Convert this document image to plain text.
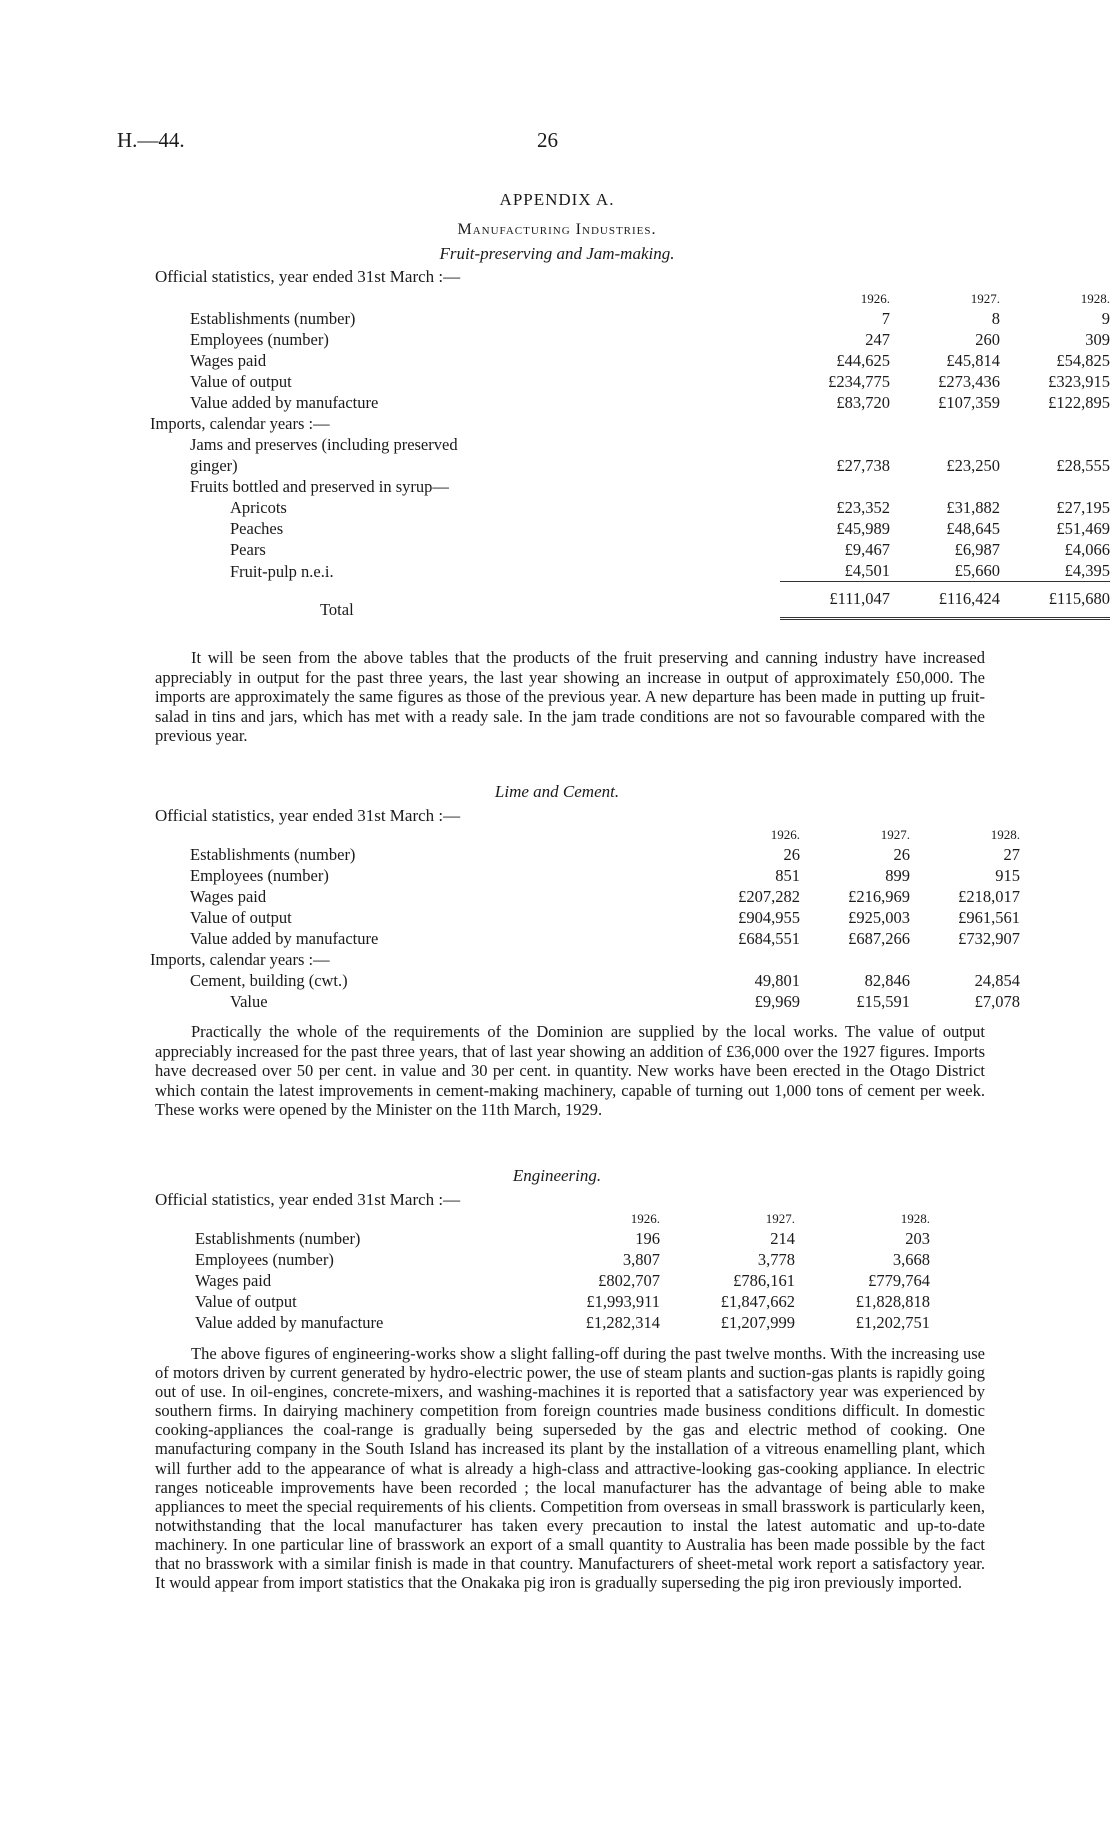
H.—44.	26
APPENDIX A.
Manufacturing Industries.
Fruit-preserving and Jam-making.
Official statistics, year ended 31st March :—
	1926.	1927.	1928.
Establishments (number)	7	8	9
Employees (number)	247	260	309
Wages paid	£44,625	£45,814	£54,825
Value of output	£234,775	£273,436	£323,915
Value added by manufacture	£83,720	£107,359	£122,895
Imports, calendar years :—			
Jams and preserves (including preserved			
ginger)	£27,738	£23,250	£28,555
Fruits bottled and preserved in syrup—			
Apricots	£23,352	£31,882	£27,195
Peaches	£45,989	£48,645	£51,469
Pears	£9,467	£6,987	£4,066
Fruit-pulp n.e.i.	£4,501	£5,660	£4,395
Total	£111,047	£116,424	£115,680
It will be seen from the above tables that the products of the fruit preserving and canning industry have increased appreciably in output for the past three years, the last year showing an increase in output of approximately £50,000. The imports are approximately the same figures as those of the previous year. A new departure has been made in putting up fruit-salad in tins and jars, which has met with a ready sale. In the jam trade conditions are not so favourable compared with the previous year.
Lime and Cement.
Official statistics, year ended 31st March :—
	1926.	1927.	1928.
Establishments (number)	26	26	27
Employees (number)	851	899	915
Wages paid	£207,282	£216,969	£218,017
Value of output	£904,955	£925,003	£961,561
Value added by manufacture	£684,551	£687,266	£732,907
Imports, calendar years :—			
Cement, building (cwt.)	49,801	82,846	24,854
Value	£9,969	£15,591	£7,078
Practically the whole of the requirements of the Dominion are supplied by the local works. The value of output appreciably increased for the past three years, that of last year showing an addition of £36,000 over the 1927 figures. Imports have decreased over 50 per cent. in value and 30 per cent. in quantity. New works have been erected in the Otago District which contain the latest improvements in cement-making machinery, capable of turning out 1,000 tons of cement per week. These works were opened by the Minister on the 11th March, 1929.
Engineering.
Official statistics, year ended 31st March :—
	1926.	1927.	1928.
Establishments (number)	196	214	203
Employees (number)	3,807	3,778	3,668
Wages paid	£802,707	£786,161	£779,764
Value of output	£1,993,911	£1,847,662	£1,828,818
Value added by manufacture	£1,282,314	£1,207,999	£1,202,751
The above figures of engineering-works show a slight falling-off during the past twelve months. With the increasing use of motors driven by current generated by hydro-electric power, the use of steam plants and suction-gas plants is rapidly going out of use. In oil-engines, concrete-mixers, and washing-machines it is reported that a satisfactory year was experienced by southern firms. In dairying machinery competition from foreign countries made business conditions difficult. In domestic cooking-appliances the coal-range is gradually being superseded by the gas and electric method of cooking. One manufacturing company in the South Island has increased its plant by the installation of a vitreous enamelling plant, which will further add to the appearance of what is already a high-class and attractive-looking gas-cooking appliance. In electric ranges noticeable improvements have been recorded ; the local manufacturer has the advantage of being able to make appliances to meet the special requirements of his clients. Competition from overseas in small brasswork is particularly keen, notwithstanding that the local manufacturer has taken every precaution to instal the latest automatic and up-to-date machinery. In one particular line of brasswork an export of a small quantity to Australia has been made possible by the fact that no brasswork with a similar finish is made in that country. Manufacturers of sheet-metal work report a satisfactory year. It would appear from import statistics that the Onakaka pig iron is gradually superseding the pig iron previously imported.
